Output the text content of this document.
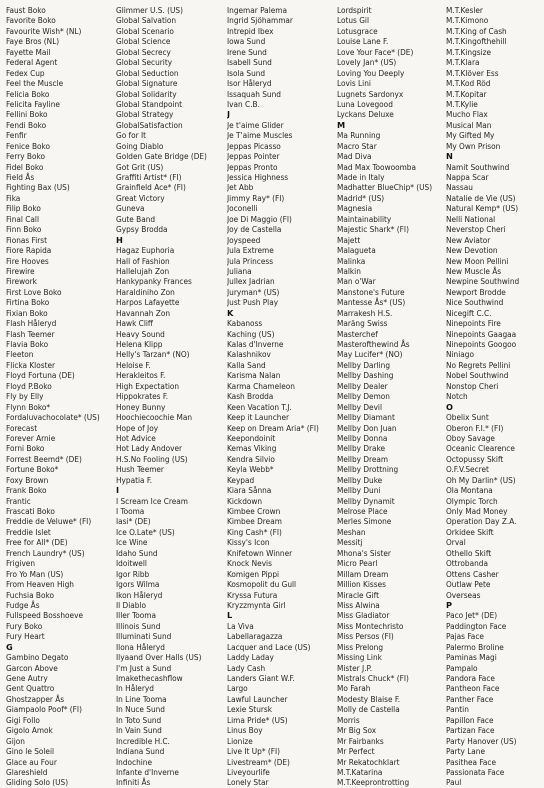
Faust Boko
Favorite Boko
Favourite Wish* (NL)
Faye Bros (NL)
Fayette Mail
Federal Agent
Fedex Cup
Feel the Muscle
Felicia Boko
Felicita Fayline
Fellini Boko
Fendi Boko
Fenfir
Fenice Boko
Ferry Boko
Fidel Boko
Field Ås
Fighting Bax (US)
Fika
Filip Boko
Final Call
Finn Boko
Fionas First
Fiore Rapida
Fire Hooves
Firewire
Firework
First Love Boko
Firtina Boko
Fixian Boko
Flash Håleryd
Flash Teemer
Flavia Boko
Fleeton
Flicka Kloster
Floyd Fortuna (DE)
Floyd P.Boko
Fly by Elly
Flynn Boko*
Fordaluvachocolate* (US)
Forecast
Forever Arnie
Forni Boko
Forrest Beemd* (DE)
Fortune Boko*
Foxy Brown
Frank Boko
Frantic
Frascati Boko
Freddie de Veluwe* (FI)
Freddie Islet
Free for All* (DE)
French Laundry* (US)
Frigiven
Fro Yo Man (US)
From Heaven High
Fuchsia Boko
Fudge Ås
Fullspeed Bosshoeve
Fury Boko
Fury Heart
G
Gambino Degato
Garcon Above
Gene Autry
Gent Quattro
Ghostzapper Ås
Giampaolo Poof* (FI)
Gigi Follo
Gigolo Amok
Gijon
Gino le Soleil
Glace au Four
Glareshield
Gliding Solo (US)
Glimmer U.S. (US)
Global Salvation
Global Scenario
Global Science
Global Secrecy
Global Security
Global Seduction
Global Signature
Global Solidarity
Global Standpoint
Global Strategy
GlobalSatisfaction
Go for It
Going Diablo
Golden Gate Bridge (DE)
Got Grit (US)
Graffiti Artist* (FI)
Grainfield Ace* (FI)
Great Victory
Guneva
Gute Band
Gypsy Brodda
H
Hagaz Euphoria
Hall of Fashion
Hallelujah Zon
Hankypanky Frances
Haraldiniho Zon
Harpos Lafayette
Havannah Zon
Hawk Cliff
Heavy Sound
Helena Klipp
Helly's Tarzan* (NO)
Heloise F.
Herakleitos F.
High Expectation
Hippokrates F.
Honey Bunny
Hoochiecoochie Man
Hope of Joy
Hot Advice
Hot Lady Andover
H.S.No Fooling (US)
Hush Teemer
Hypatia F.
I
I Scream Ice Cream
I Tooma
Iasi* (DE)
Ice O.Late* (US)
Ice Wine
Idaho Sund
Idoitwell
Igor Ribb
Igors Wilma
Ikon Håleryd
Il Diablo
Iller Tooma
Illinois Sund
Illuminati Sund
Ilona Håleryd
Ilyaand Over Halls (US)
I'm Just a Sund
Imakethecashflow
In Håleryd
In Line Tooma
In Nuce Sund
In Toto Sund
In Vain Sund
Incredible H.C.
Indiana Sund
Indochine
Infante d'Inverne
Infiniti Ås
Ingemar Palema
Ingrid Sjöhammar
Intrepid Ibex
Iowa Sund
Irene Sund
Isabell Sund
Isola Sund
Isor Håleryd
Issaquah Sund
Ivan C.B.
J
Je t'aime Glider
Je T'aime Muscles
Jeppas Picasso
Jeppas Pointer
Jeppas Pronto
Jessica Highness
Jet Abb
Jimmy Ray* (FI)
Joconelli
Joe Di Maggio (FI)
Joy de Castella
Joyspeed
Jula Extreme
Jula Princess
Juliana
Jullex Jadrian
Juryman* (US)
Just Push Play
K
Kabanoss
Kaching (US)
Kalas d'Inverne
Kalashnikov
Kalla Sand
Karisma Nalan
Karma Chameleon
Kash Brodda
Keen Vacation T.J.
Keep it Launcher
Keep on Dream Aria* (FI)
Keepondoinit
Kemas Viking
Kendra Silvio
Keyla Webb*
Keypad
Kiara Sånna
Kickdown
Kimbee Crown
Kimbee Dream
King Cash* (FI)
Kissy's Icon
Knifetown Winner
Knock Nevis
Komigen Pippi
Kosmopolit du Gull
Kryssa Futura
Kryzzmynta Girl
L
La Viva
Labellaragazza
Lacquer and Lace (US)
Laddy Laday
Lady Cash
Landers Giant W.F.
Largo
Lawful Launcher
Lexie Stursk
Lima Pride* (US)
Linus Boy
Lionize
Live It Up* (FI)
Livestream* (DE)
Liveyourlife
Lonely Star
Lordspirit
Lotus Gil
Lotusgrace
Louise Lane F.
Love Your Face* (DE)
Lovely Jan* (US)
Loving You Deeply
Lovis Lini
Lugnets Sardonyx
Luna Lovegood
Lyckans Deluxe
M
Ma Running
Macro Star
Mad Diva
Mad Max Toowoomba
Made in Italy
Madhatter BlueChip* (US)
Madrid* (US)
Magnesia
Maintainability
Majestic Shark* (FI)
Majett
Malagueta
Malinka
Malkin
Man o'War
Manstone's Future
Mantesse Ås* (US)
Marrakesh H.S.
Maräng Swiss
Masterchef
Masterofthewind Ås
May Lucifer* (NO)
Mellby Darling
Mellby Dashing
Mellby Dealer
Mellby Demon
Mellby Devil
Mellby Diamant
Mellby Don Juan
Mellby Donna
Mellby Drake
Mellby Dream
Mellby Drottning
Mellby Duke
Mellby Duni
Mellby Dynamit
Melrose Place
Merles Simone
Meshan
Messitj
Mhona's Sister
Micro Pearl
Millam Dream
Million Kisses
Miracle Gift
Miss Alwina
Miss Gladiator
Miss Montechristo
Miss Persos (FI)
Miss Prelong
Missing Link
Mister J.P.
Mistrals Chuck* (FI)
Mo Farah
Modesty Blaise F.
Molly de Castella
Morris
Mr Big Sox
Mr Fairbanks
Mr Perfect
Mr Rekatochklart
M.T.Katarina
M.T.Keeprontrotting
M.T.Kesler
M.T.Kimono
M.T.King of Cash
M.T.Kingofthehill
M.T.Kingsize
M.T.Klara
M.T.Klöver Ess
M.T.Kod Röd
M.T.Kopitar
M.T.Kylie
Mucho Flax
Musical Man
My Gifted My
My Own Prison
N
Namit Southwind
Nappa Scar
Nassau
Natalie de Vie (US)
Natural Kemp* (US)
Nelli National
Neverstop Cheri
New Aviator
New Devotion
New Moon Pellini
New Muscle Ås
Newpine Southwind
Newport Brodde
Nice Southwind
Nicegift C.C.
Ninepoints Fire
Ninepoints Gaagaa
Ninepoints Googoo
Niniago
No Regrets Pellini
Nobel Southwind
Nonstop Cheri
Notch
O
Obelix Sunt
Oberon F.I.* (FI)
Oboy Savage
Oceanic Clearence
Octopussy Skift
O.F.V.Secret
Oh My Darlin* (US)
Ola Montana
Olympic Torch
Only Mad Money
Operation Day Z.A.
Orkidee Skift
Orval
Othello Skift
Ottrobanda
Ottens Casher
Outlaw Pete
Overseas
P
Paco Jet* (DE)
Paddington Face
Pajas Face
Palermo Broline
Paminas Magi
Pampalo
Pandora Face
Pantheon Face
Panther Face
Pantin
Papillon Face
Partizan Face
Party Hanover (US)
Party Lane
Pasithea Face
Passionata Face
Paul
